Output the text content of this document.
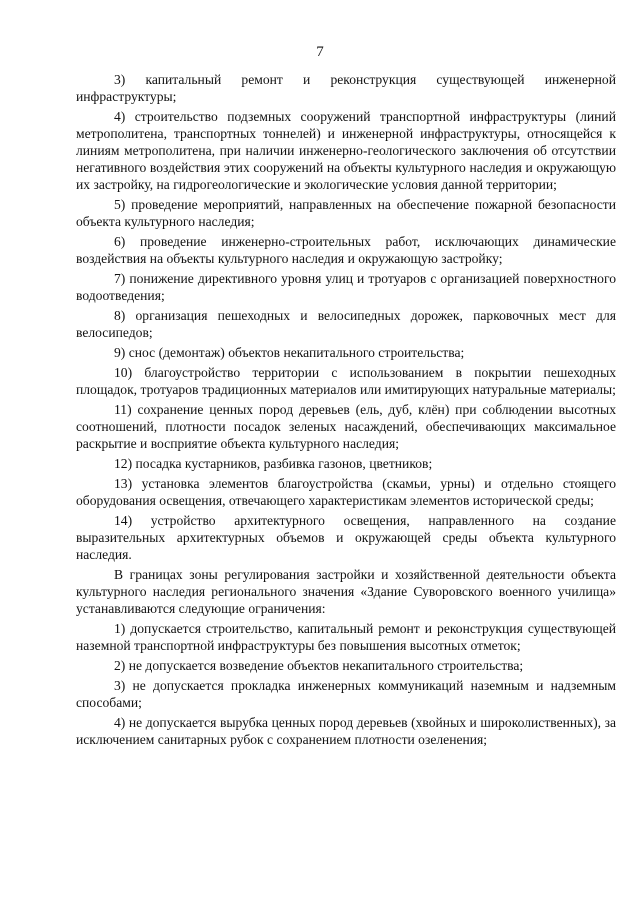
7

3) капитальный ремонт и реконструкция существующей инженерной инфраструктуры;

4) строительство подземных сооружений транспортной инфраструктуры (линий метрополитена, транспортных тоннелей) и инженерной инфраструктуры, относящейся к линиям метрополитена, при наличии инженерно-геологического заключения об отсутствии негативного воздействия этих сооружений на объекты культурного наследия и окружающую их застройку, на гидрогеологические и экологические условия данной территории;

5) проведение мероприятий, направленных на обеспечение пожарной безопасности объекта культурного наследия;

6) проведение инженерно-строительных работ, исключающих динамические воздействия на объекты культурного наследия и окружающую застройку;

7) понижение директивного уровня улиц и тротуаров с организацией поверхностного водоотведения;

8) организация пешеходных и велосипедных дорожек, парковочных мест для велосипедов;

9) снос (демонтаж) объектов некапитального строительства;

10) благоустройство территории с использованием в покрытии пешеходных площадок, тротуаров традиционных материалов или имитирующих натуральные материалы;

11) сохранение ценных пород деревьев (ель, дуб, клён) при соблюдении высотных соотношений, плотности посадок зеленых насаждений, обеспечивающих максимальное раскрытие и восприятие объекта культурного наследия;

12) посадка кустарников, разбивка газонов, цветников;

13) установка элементов благоустройства (скамьи, урны) и отдельно стоящего оборудования освещения, отвечающего характеристикам элементов исторической среды;

14) устройство архитектурного освещения, направленного на создание выразительных архитектурных объемов и окружающей среды объекта культурного наследия.

В границах зоны регулирования застройки и хозяйственной деятельности объекта культурного наследия регионального значения «Здание Суворовского военного училища» устанавливаются следующие ограничения:

1) допускается строительство, капитальный ремонт и реконструкция существующей наземной транспортной инфраструктуры без повышения высотных отметок;

2) не допускается возведение объектов некапитального строительства;

3) не допускается прокладка инженерных коммуникаций наземным и надземным способами;

4) не допускается вырубка ценных пород деревьев (хвойных и широколиственных), за исключением санитарных рубок с сохранением плотности озеленения;
